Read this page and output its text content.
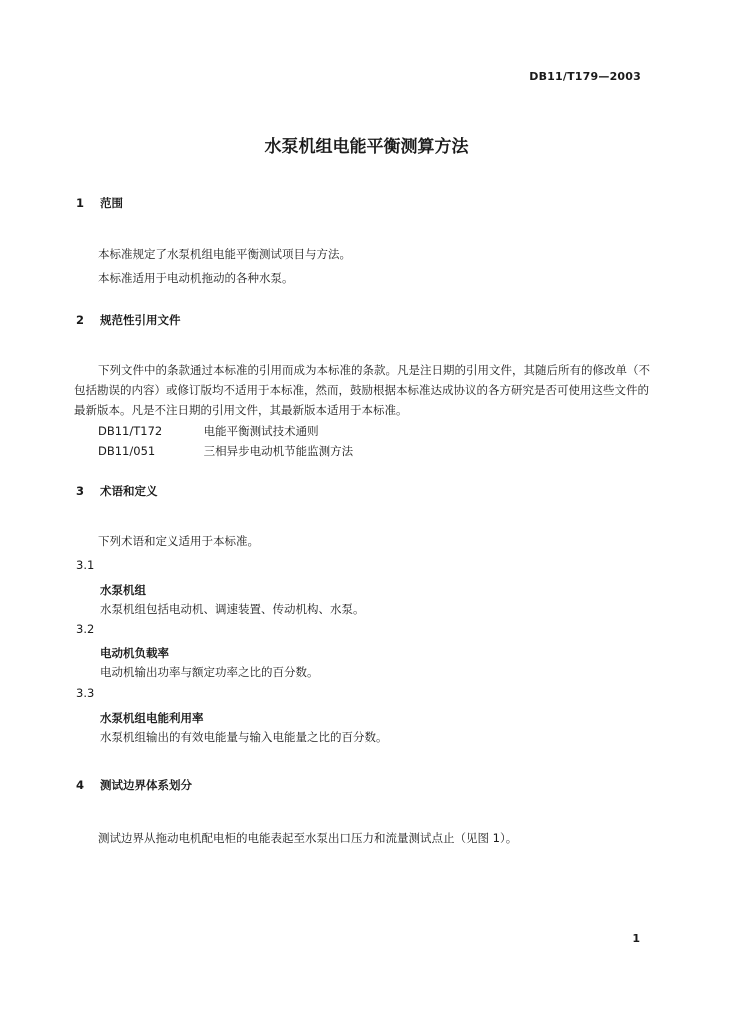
DB11/T179—2003
水泵机组电能平衡测算方法
1 范围
本标准规定了水泵机组电能平衡测试项目与方法。
本标准适用于电动机拖动的各种水泵。
2 规范性引用文件
下列文件中的条款通过本标准的引用而成为本标准的条款。凡是注日期的引用文件，其随后所有的修改单（不包括勘误的内容）或修订版均不适用于本标准，然而，鼓励根据本标准达成协议的各方研究是否可使用这些文件的最新版本。凡是不注日期的引用文件，其最新版本适用于本标准。
DB11/T172	电能平衡测试技术通则
DB11/051	三相异步电动机节能监测方法
3 术语和定义
下列术语和定义适用于本标准。
3.1
水泵机组
水泵机组包括电动机、调速装置、传动机构、水泵。
3.2
电动机负载率
电动机输出功率与额定功率之比的百分数。
3.3
水泵机组电能利用率
水泵机组输出的有效电能量与输入电能量之比的百分数。
4 测试边界体系划分
测试边界从拖动电机配电柜的电能表起至水泵出口压力和流量测试点止（见图 1）。
1
